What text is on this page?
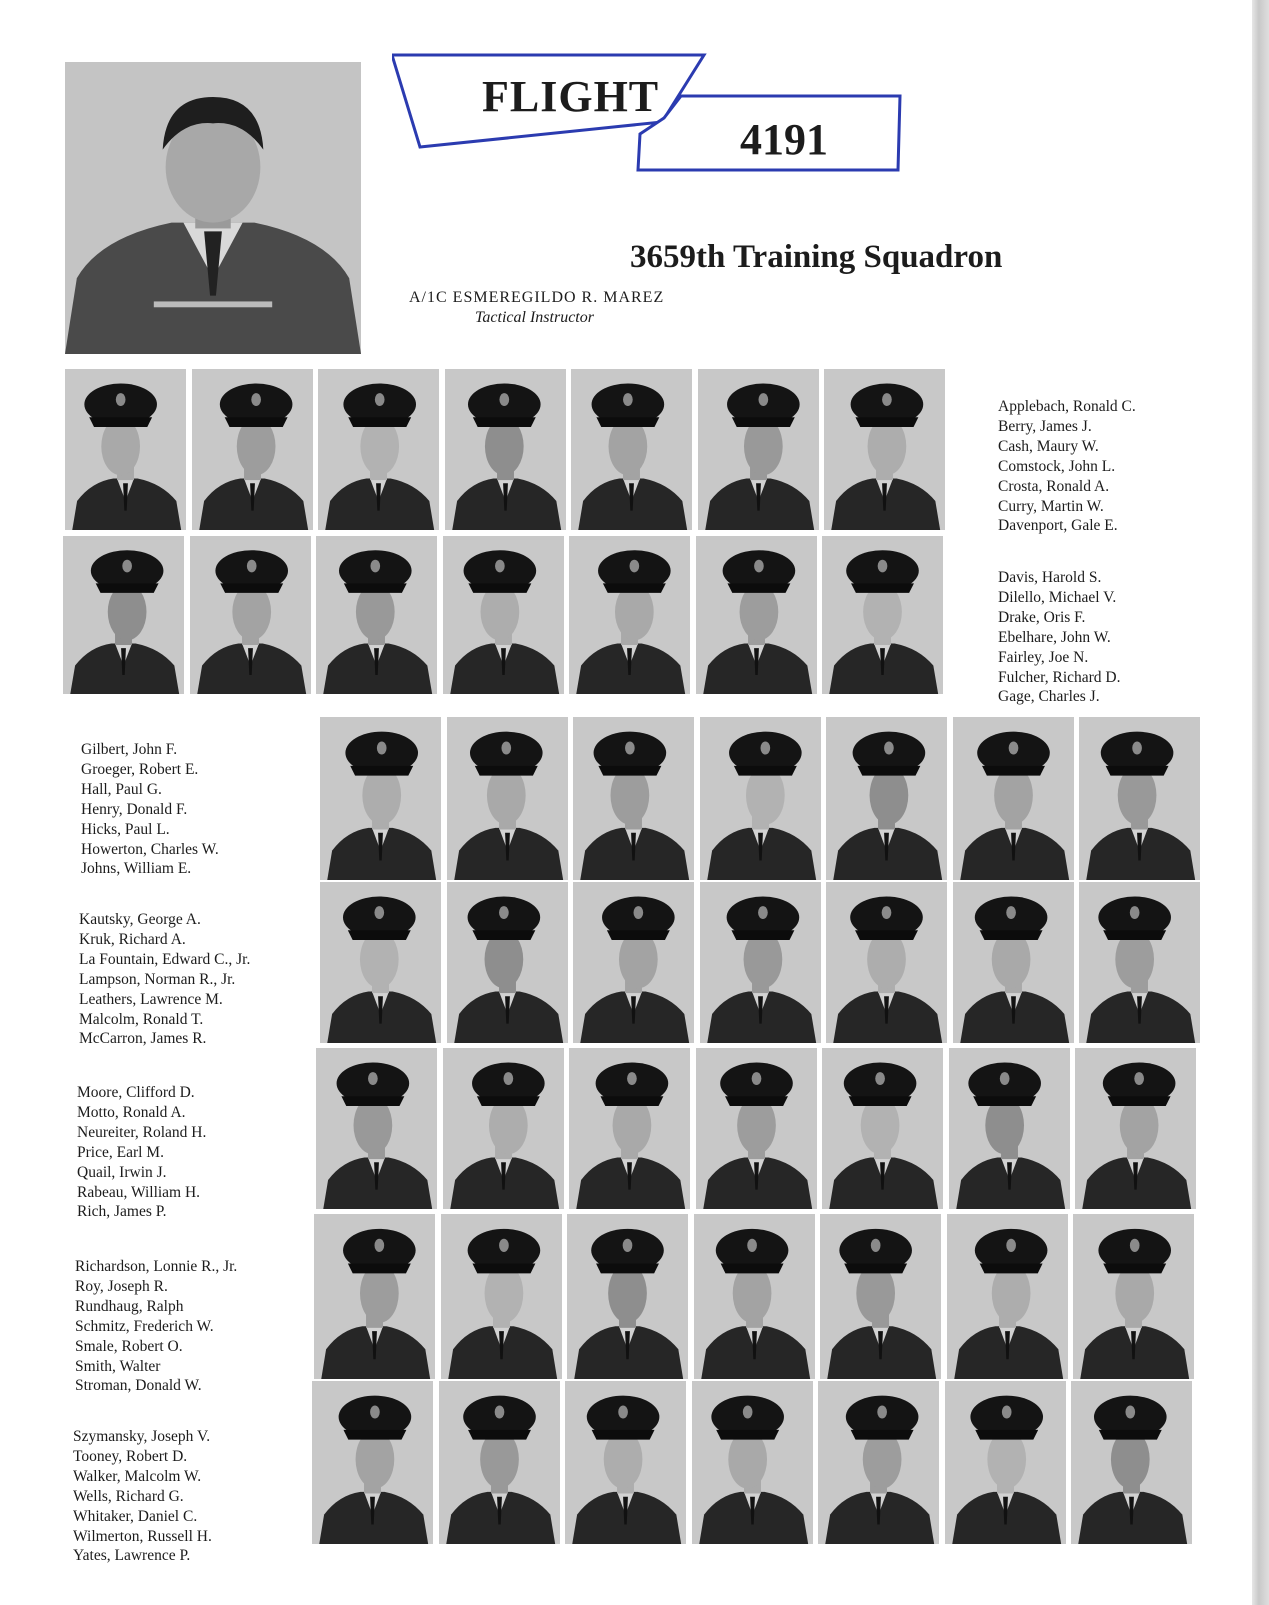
FLIGHT
4191
3659th Training Squadron
A/1C ESMEREGILDO R. MAREZ
Tactical Instructor
Applebach, Ronald C.
Berry, James J.
Cash, Maury W.
Comstock, John L.
Crosta, Ronald A.
Curry, Martin W.
Davenport, Gale E.
Davis, Harold S.
Dilello, Michael V.
Drake, Oris F.
Ebelhare, John W.
Fairley, Joe N.
Fulcher, Richard D.
Gage, Charles J.
Gilbert, John F.
Groeger, Robert E.
Hall, Paul G.
Henry, Donald F.
Hicks, Paul L.
Howerton, Charles W.
Johns, William E.
Kautsky, George A.
Kruk, Richard A.
La Fountain, Edward C., Jr.
Lampson, Norman R., Jr.
Leathers, Lawrence M.
Malcolm, Ronald T.
McCarron, James R.
Moore, Clifford D.
Motto, Ronald A.
Neureiter, Roland H.
Price, Earl M.
Quail, Irwin J.
Rabeau, William H.
Rich, James P.
Richardson, Lonnie R., Jr.
Roy, Joseph R.
Rundhaug, Ralph
Schmitz, Frederich W.
Smale, Robert O.
Smith, Walter
Stroman, Donald W.
Szymansky, Joseph V.
Tooney, Robert D.
Walker, Malcolm W.
Wells, Richard G.
Whitaker, Daniel C.
Wilmerton, Russell H.
Yates, Lawrence P.
